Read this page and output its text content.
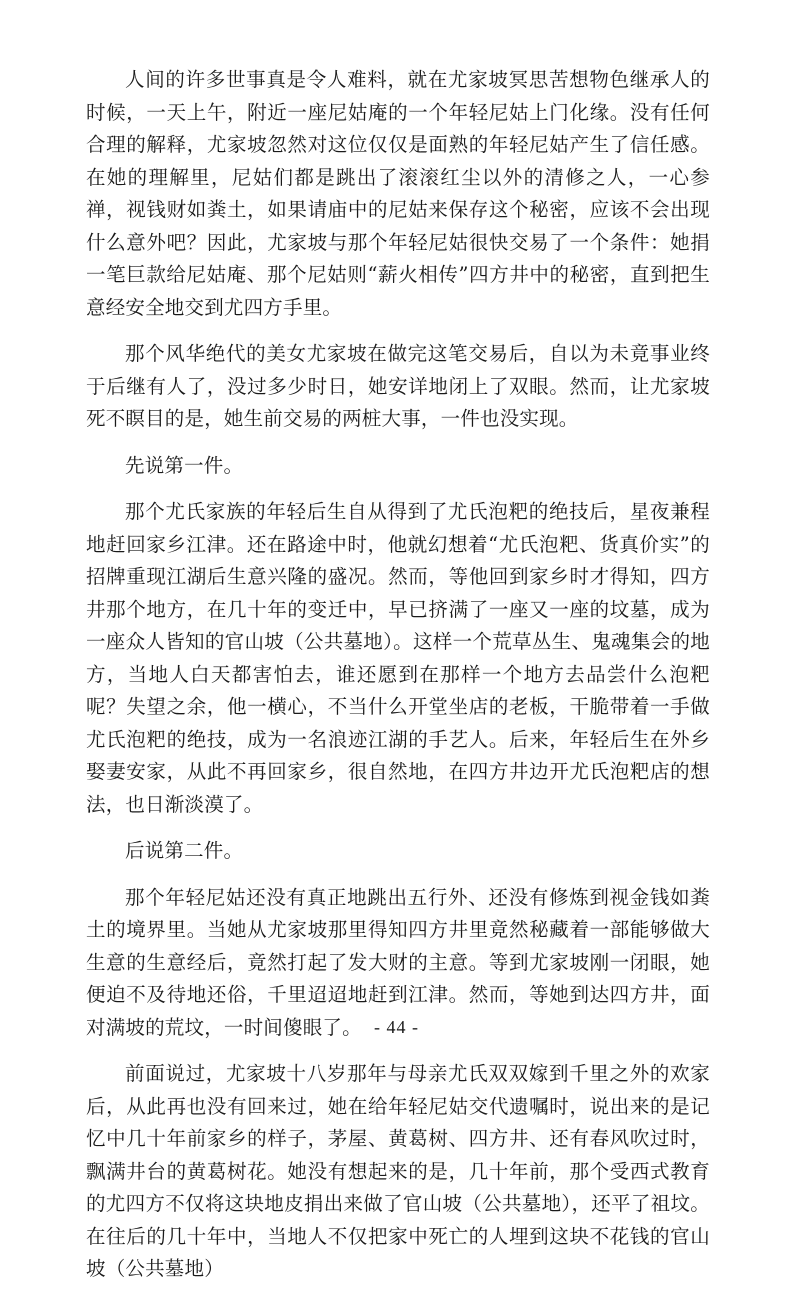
人间的许多世事真是令人难料，就在尤家坡冥思苦想物色继承人的时候，一天上午，附近一座尼姑庵的一个年轻尼姑上门化缘。没有任何合理的解释，尤家坡忽然对这位仅仅是面熟的年轻尼姑产生了信任感。在她的理解里，尼姑们都是跳出了滚滚红尘以外的清修之人，一心参禅，视钱财如粪土，如果请庙中的尼姑来保存这个秘密，应该不会出现什么意外吧？因此，尤家坡与那个年轻尼姑很快交易了一个条件：她捐一笔巨款给尼姑庵、那个尼姑则“薪火相传”四方井中的秘密，直到把生意经安全地交到尤四方手里。

那个风华绝代的美女尤家坡在做完这笔交易后，自以为未竟事业终于后继有人了，没过多少时日，她安详地闭上了双眼。然而，让尤家坡死不瞑目的是，她生前交易的两桩大事，一件也没实现。

先说第一件。

那个尤氏家族的年轻后生自从得到了尤氏泡粑的绝技后，星夜兼程地赶回家乡江津。还在路途中时，他就幻想着“尤氏泡粑、货真价实”的招牌重现江湖后生意兴隆的盛况。然而，等他回到家乡时才得知，四方井那个地方，在几十年的变迁中，早已挤满了一座又一座的坟墓，成为一座众人皆知的官山坡（公共墓地）。这样一个荒草丛生、鬼魂集会的地方，当地人白天都害怕去，谁还愿到在那样一个地方去品尝什么泡粑呢？失望之余，他一横心，不当什么开堂坐店的老板，干脆带着一手做尤氏泡粑的绝技，成为一名浪迹江湖的手艺人。后来，年轻后生在外乡娶妻安家，从此不再回家乡，很自然地，在四方井边开尤氏泡粑店的想法，也日渐淡漠了。

后说第二件。

那个年轻尼姑还没有真正地跳出五行外、还没有修炼到视金钱如粪土的境界里。当她从尤家坡那里得知四方井里竟然秘藏着一部能够做大生意的生意经后，竟然打起了发大财的主意。等到尤家坡刚一闭眼，她便迫不及待地还俗，千里迢迢地赶到江津。然而，等她到达四方井，面对满坡的荒坟，一时间傻眼了。

前面说过，尤家坡十八岁那年与母亲尤氏双双嫁到千里之外的欢家后，从此再也没有回来过，她在给年轻尼姑交代遗嘱时，说出来的是记忆中几十年前家乡的样子，茅屋、黄葛树、四方井、还有春风吹过时，飘满井台的黄葛树花。她没有想起来的是，几十年前，那个受西式教育的尤四方不仅将这块地皮捐出来做了官山坡（公共墓地），还平了祖坟。在往后的几十年中，当地人不仅把家中死亡的人埋到这块不花钱的官山坡（公共墓地）

- 44 -
